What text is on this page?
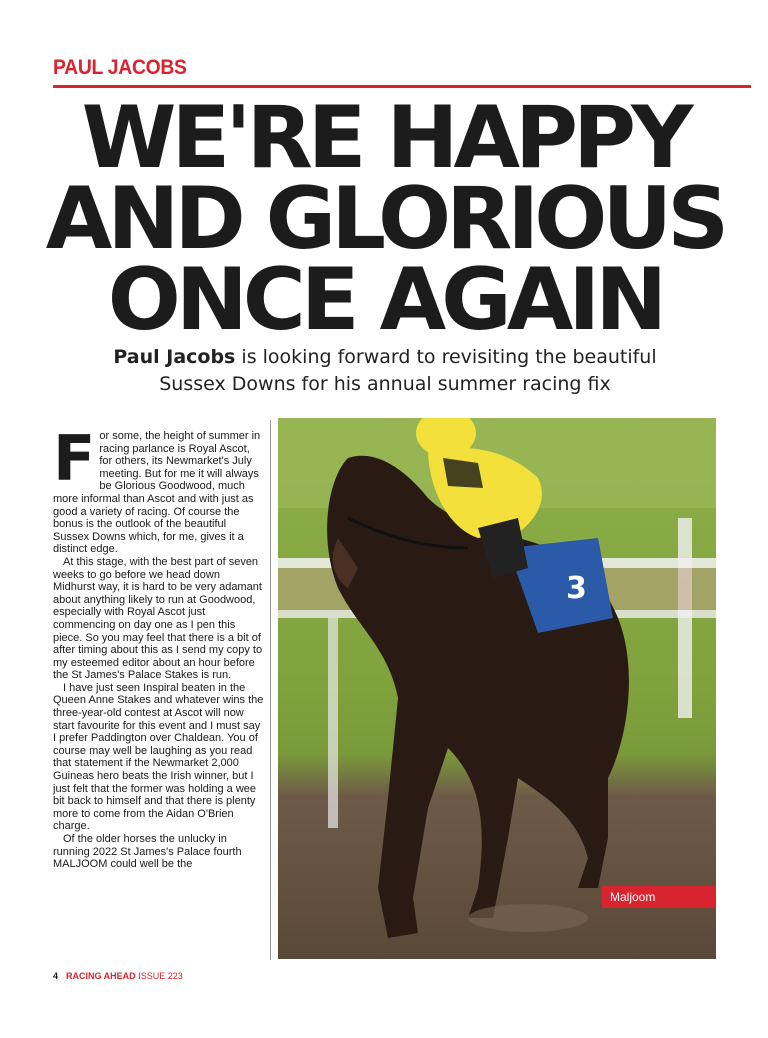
PAUL JACOBS
WE'RE HAPPY
AND GLORIOUS
ONCE AGAIN
Paul Jacobs is looking forward to revisiting the beautiful
Sussex Downs for his annual summer racing fix

For some, the height of summer in racing parlance is Royal Ascot, for others, its Newmarket's July meeting. But for me it will always be Glorious Goodwood, much more informal than Ascot and with just as good a variety of racing. Of course the bonus is the outlook of the beautiful Sussex Downs which, for me, gives it a distinct edge.

At this stage, with the best part of seven weeks to go before we head down Midhurst way, it is hard to be very adamant about anything likely to run at Goodwood, especially with Royal Ascot just commencing on day one as I pen this piece. So you may feel that there is a bit of after timing about this as I send my copy to my esteemed editor about an hour before the St James's Palace Stakes is run.

I have just seen Inspiral beaten in the Queen Anne Stakes and whatever wins the three-year-old contest at Ascot will now start favourite for this event and I must say I prefer Paddington over Chaldean. You of course may well be laughing as you read that statement if the Newmarket 2,000 Guineas hero beats the Irish winner, but I just felt that the former was holding a wee bit back to himself and that there is plenty more to come from the Aidan O'Brien charge.

Of the older horses the unlucky in running 2022 St James's Palace fourth MALJOOM could well be the

3
Maljoom
4 RACING AHEAD ISSUE 223
